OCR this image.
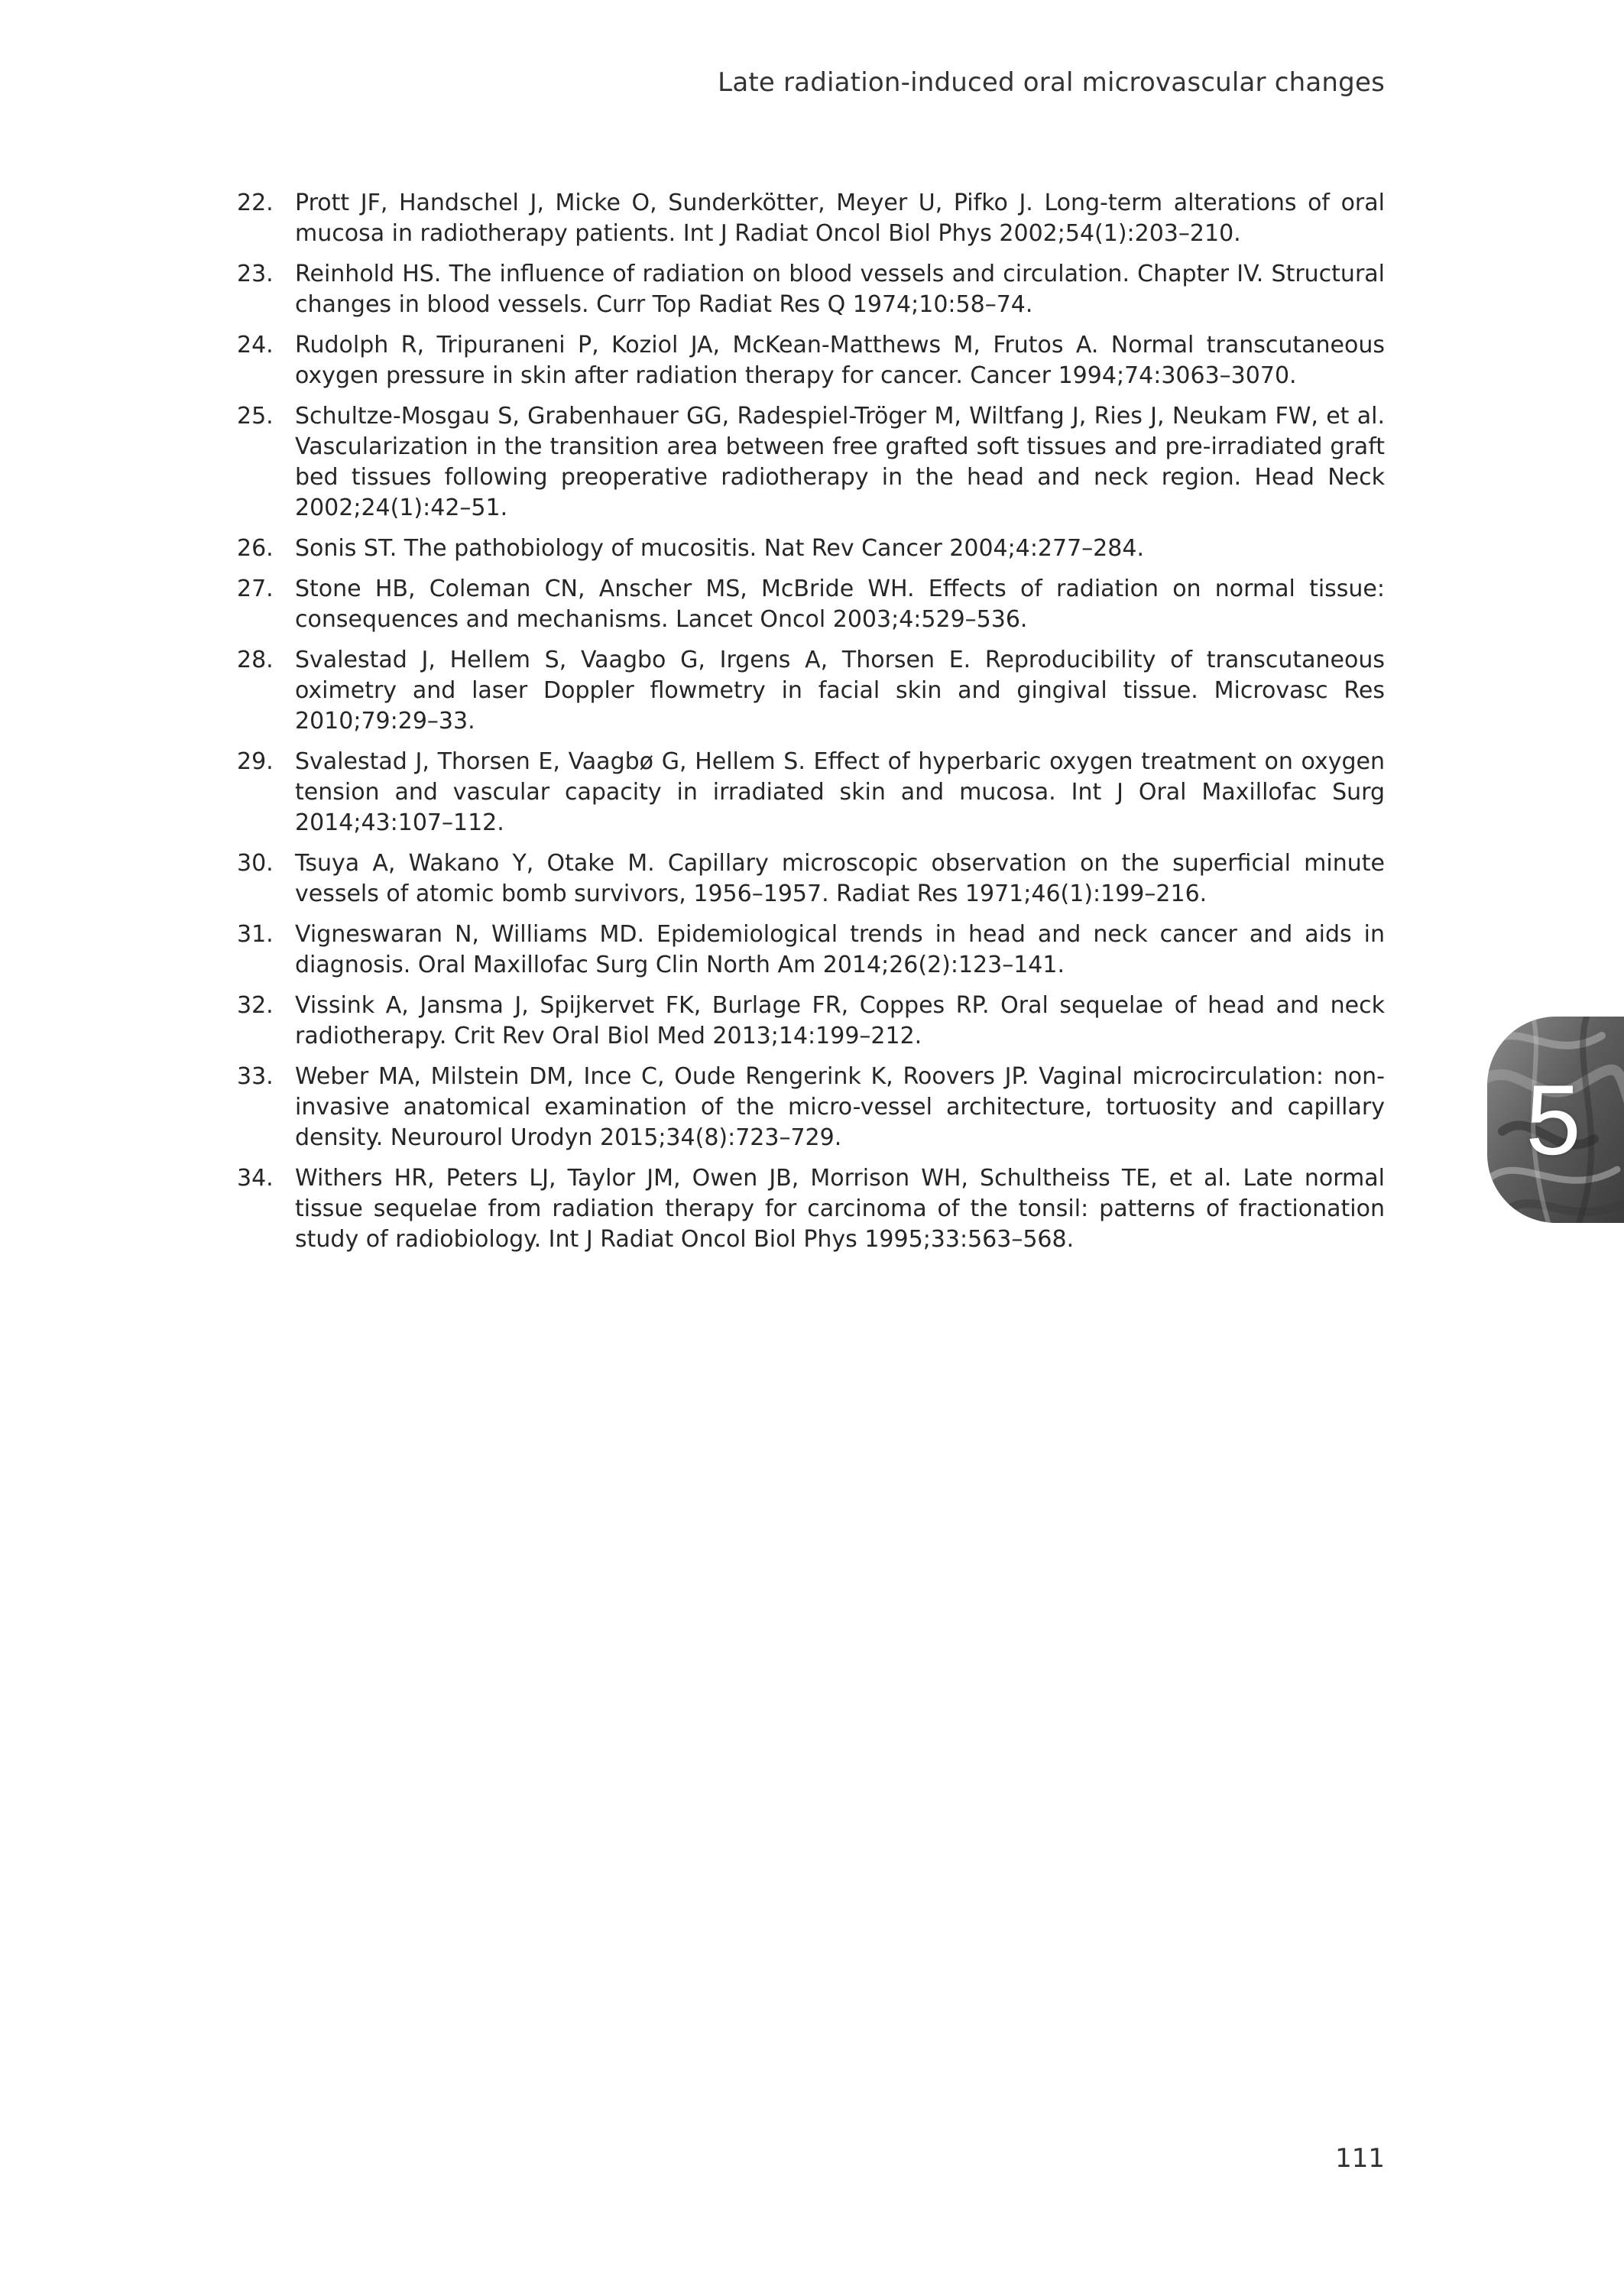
Late radiation-induced oral microvascular changes
22. Prott JF, Handschel J, Micke O, Sunderkötter, Meyer U, Pifko J. Long-term alterations of oral mucosa in radiotherapy patients. Int J Radiat Oncol Biol Phys 2002;54(1):203–210.
23. Reinhold HS. The influence of radiation on blood vessels and circulation. Chapter IV. Structural changes in blood vessels. Curr Top Radiat Res Q 1974;10:58–74.
24. Rudolph R, Tripuraneni P, Koziol JA, McKean-Matthews M, Frutos A. Normal transcutaneous oxygen pressure in skin after radiation therapy for cancer. Cancer 1994;74:3063–3070.
25. Schultze-Mosgau S, Grabenhauer GG, Radespiel-Tröger M, Wiltfang J, Ries J, Neukam FW, et al. Vascularization in the transition area between free grafted soft tissues and pre-irradiated graft bed tissues following preoperative radiotherapy in the head and neck region. Head Neck 2002;24(1):42–51.
26. Sonis ST. The pathobiology of mucositis. Nat Rev Cancer 2004;4:277–284.
27. Stone HB, Coleman CN, Anscher MS, McBride WH. Effects of radiation on normal tissue: consequences and mechanisms. Lancet Oncol 2003;4:529–536.
28. Svalestad J, Hellem S, Vaagbo G, Irgens A, Thorsen E. Reproducibility of transcutaneous oximetry and laser Doppler flowmetry in facial skin and gingival tissue. Microvasc Res 2010;79:29–33.
29. Svalestad J, Thorsen E, Vaagbø G, Hellem S. Effect of hyperbaric oxygen treatment on oxygen tension and vascular capacity in irradiated skin and mucosa. Int J Oral Maxillofac Surg 2014;43:107–112.
30. Tsuya A, Wakano Y, Otake M. Capillary microscopic observation on the superficial minute vessels of atomic bomb survivors, 1956–1957. Radiat Res 1971;46(1):199–216.
31. Vigneswaran N, Williams MD. Epidemiological trends in head and neck cancer and aids in diagnosis. Oral Maxillofac Surg Clin North Am 2014;26(2):123–141.
32. Vissink A, Jansma J, Spijkervet FK, Burlage FR, Coppes RP. Oral sequelae of head and neck radiotherapy. Crit Rev Oral Biol Med 2013;14:199–212.
33. Weber MA, Milstein DM, Ince C, Oude Rengerink K, Roovers JP. Vaginal microcirculation: non-invasive anatomical examination of the micro-vessel architecture, tortuosity and capillary density. Neurourol Urodyn 2015;34(8):723–729.
34. Withers HR, Peters LJ, Taylor JM, Owen JB, Morrison WH, Schultheiss TE, et al. Late normal tissue sequelae from radiation therapy for carcinoma of the tonsil: patterns of fractionation study of radiobiology. Int J Radiat Oncol Biol Phys 1995;33:563–568.
5
111
